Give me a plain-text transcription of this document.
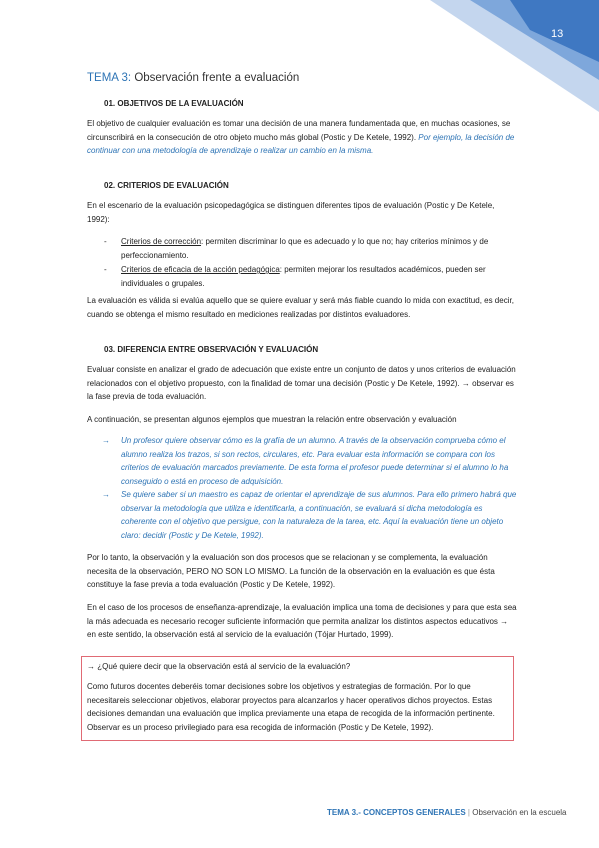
13
TEMA 3: Observación frente a evaluación
01. OBJETIVOS DE LA EVALUACIÓN

El objetivo de cualquier evaluación es tomar una decisión de una manera fundamentada que, en muchas ocasiones, se circunscribirá en la consecución de otro objeto mucho más global (Postic y De Ketele, 1992). Por ejemplo, la decisión de continuar con una metodología de aprendizaje o realizar un cambio en la misma.

02. CRITERIOS DE EVALUACIÓN

En el escenario de la evaluación psicopedagógica se distinguen diferentes tipos de evaluación (Postic y De Ketele, 1992):

- Criterios de corrección: permiten discriminar lo que es adecuado y lo que no; hay criterios mínimos y de perfeccionamiento.
- Criterios de eficacia de la acción pedagógica: permiten mejorar los resultados académicos, pueden ser individuales o grupales.

La evaluación es válida si evalúa aquello que se quiere evaluar y será más fiable cuando lo mida con exactitud, es decir, cuando se obtenga el mismo resultado en mediciones realizadas por distintos evaluadores.

03. DIFERENCIA ENTRE OBSERVACIÓN Y EVALUACIÓN

Evaluar consiste en analizar el grado de adecuación que existe entre un conjunto de datos y unos criterios de evaluación relacionados con el objetivo propuesto, con la finalidad de tomar una decisión (Postic y De Ketele, 1992). → observar es la fase previa de toda evaluación.

A continuación, se presentan algunos ejemplos que muestran la relación entre observación y evaluación

→ Un profesor quiere observar cómo es la grafía de un alumno. A través de la observación comprueba cómo el alumno realiza los trazos, si son rectos, circulares, etc. Para evaluar esta información se compara con los criterios de evaluación marcados previamente. De esta forma el profesor puede determinar si el alumno lo ha conseguido o está en proceso de adquisición.
→ Se quiere saber si un maestro es capaz de orientar el aprendizaje de sus alumnos. Para ello primero habrá que observar la metodología que utiliza e identificarla, a continuación, se evaluará si dicha metodología es coherente con el objetivo que persigue, con la naturaleza de la tarea, etc. Aquí la evaluación tiene un objeto claro: decidir (Postic y De Ketele, 1992).

Por lo tanto, la observación y la evaluación son dos procesos que se relacionan y se complementa, la evaluación necesita de la observación, PERO NO SON LO MISMO. La función de la observación en la evaluación es que ésta constituye la fase previa a toda evaluación (Postic y De Ketele, 1992).

En el caso de los procesos de enseñanza-aprendizaje, la evaluación implica una toma de decisiones y para que esta sea la más adecuada es necesario recoger suficiente información que permita analizar los distintos aspectos educativos → en este sentido, la observación está al servicio de la evaluación (Tójar Hurtado, 1999).

→ ¿Qué quiere decir que la observación está al servicio de la evaluación?
Como futuros docentes deberéis tomar decisiones sobre los objetivos y estrategias de formación. Por lo que necesitareis seleccionar objetivos, elaborar proyectos para alcanzarlos y hacer operativos dichos proyectos. Estas decisiones demandan una evaluación que implica previamente una etapa de recogida de la información pertinente. Observar es un proceso privilegiado para esa recogida de información (Postic y De Ketele, 1992).
TEMA 3.- CONCEPTOS GENERALES | Observación en la escuela
